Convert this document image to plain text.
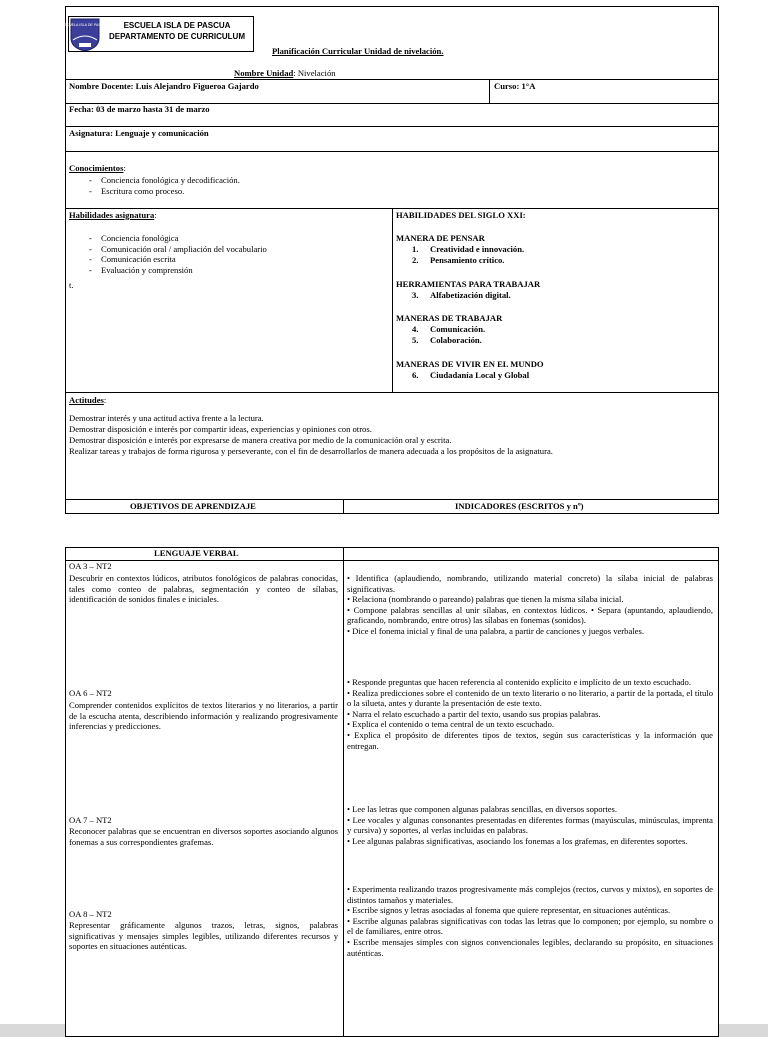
ESCUELA ISLA DE PASCUA	ESCUELA ISLA DE PASCUA
DEPARTAMENTO DE CURRICULUM
Planificación Curricular Unidad de nivelación.
Nombre Unidad: Nivelación
Nombre Docente: Luis Alejandro Figueroa Gajardo	Curso: 1°A
Fecha: 03 de marzo hasta 31 de marzo
Asignatura: Lenguaje y comunicación
Conocimientos:
- Conciencia fonológica y decodificación.
- Escritura como proceso.
Habilidades asignatura:
- Conciencia fonológica
- Comunicación oral / ampliación del vocabulario
- Comunicación escrita
- Evaluación y comprensión
t.
HABILIDADES DEL SIGLO XXI:
MANERA DE PENSAR
1. Creatividad e innovación.
2. Pensamiento crítico.
HERRAMIENTAS PARA TRABAJAR
3. Alfabetización digital.
MANERAS DE TRABAJAR
4. Comunicación.
5. Colaboración.
MANERAS DE VIVIR EN EL MUNDO
6. Ciudadanía Local y Global
Actitudes:
Demostrar interés y una actitud activa frente a la lectura.
Demostrar disposición e interés por compartir ideas, experiencias y opiniones con otros.
Demostrar disposición e interés por expresarse de manera creativa por medio de la comunicación oral y escrita.
Realizar tareas y trabajos de forma rigurosa y perseverante, con el fin de desarrollarlos de manera adecuada a los propósitos de la asignatura.
OBJETIVOS DE APRENDIZAJE	INDICADORES (ESCRITOS y nº)
LENGUAJE VERBAL
OA 3 – NT2
Descubrir en contextos lúdicos, atributos fonológicos de palabras conocidas, tales como conteo de palabras, segmentación y conteo de sílabas, identificación de sonidos finales e iniciales.

• Identifica (aplaudiendo, nombrando, utilizando material concreto) la sílaba inicial de palabras significativas.

• Relaciona (nombrando o pareando) palabras que tienen la misma sílaba inicial.

• Compone palabras sencillas al unir sílabas, en contextos lúdicos. • Separa (apuntando, aplaudiendo, graficando, nombrando, entre otros) las sílabas en fonemas (sonidos).

• Dice el fonema inicial y final de una palabra, a partir de canciones y juegos verbales.

OA 6 – NT2
Comprender contenidos explícitos de textos literarios y no literarios, a partir de la escucha atenta, describiendo información y realizando progresivamente inferencias y predicciones.

• Responde preguntas que hacen referencia al contenido explícito e implícito de un texto escuchado.

• Realiza predicciones sobre el contenido de un texto literario o no literario, a partir de la portada, el título o la silueta, antes y durante la presentación de este texto.

• Narra el relato escuchado a partir del texto, usando sus propias palabras.

• Explica el contenido o tema central de un texto escuchado.

• Explica el propósito de diferentes tipos de textos, según sus características y la información que entregan.

OA 7 – NT2
Reconocer palabras que se encuentran en diversos soportes asociando algunos fonemas a sus correspondientes grafemas.

• Lee las letras que componen algunas palabras sencillas, en diversos soportes.

• Lee vocales y algunas consonantes presentadas en diferentes formas (mayúsculas, minúsculas, imprenta y cursiva) y soportes, al verlas incluidas en palabras.

• Lee algunas palabras significativas, asociando los fonemas a los grafemas, en diferentes soportes.

OA 8 – NT2
Representar gráficamente algunos trazos, letras, signos, palabras significativas y mensajes simples legibles, utilizando diferentes recursos y soportes en situaciones auténticas.

• Experimenta realizando trazos progresivamente más complejos (rectos, curvos y mixtos), en soportes de distintos tamaños y materiales.

• Escribe signos y letras asociadas al fonema que quiere representar, en situaciones auténticas.

• Escribe algunas palabras significativas con todas las letras que lo componen; por ejemplo, su nombre o el de familiares, entre otros.

• Escribe mensajes simples con signos convencionales legibles, declarando su propósito, en situaciones auténticas.
